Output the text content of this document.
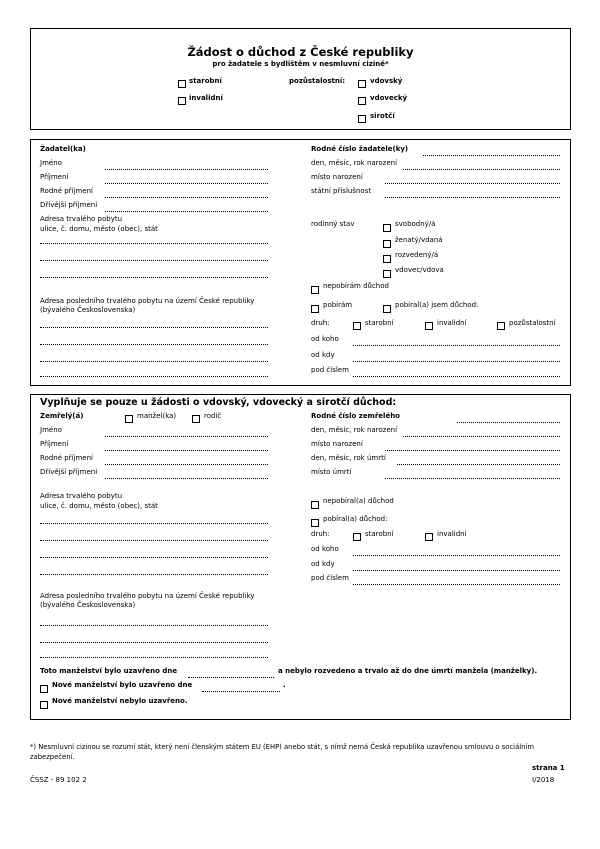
Žádost o důchod z České republiky
pro žadatele s bydlištěm v nesmluvní cizině*
starobní
invalidní
pozůstalostní:	vdovský
vdovecký
sirotčí
Žadatel(ka)
Jméno
Příjmení
Rodné příjmení
Dřívější příjmení
Adresa trvalého pobytu
ulice, č. domu, město (obec), stát
Adresa posledního trvalého pobytu na území České republiky
(bývalého Československa)
Rodné číslo žadatele(ky)
den, měsíc, rok narození
místo narození
státní příslušnost
rodinný stav	svobodný/á
ženatý/vdaná
rozvedený/á
vdovec/vdova
nepobírám důchod
pobírám	pobíral(a) jsem důchod:
druh:	starobní	invalidní	pozůstalostní
od koho
od kdy
pod číslem
Vyplňuje se pouze u žádosti o vdovský, vdovecký a sirotčí důchod:
Zemřelý(á)	manžel(ka)	rodič
Jméno
Příjmení
Rodné příjmení
Dřívější příjmení
Adresa trvalého pobytu
ulice, č. domu, město (obec), stát
Adresa posledního trvalého pobytu na území České republiky
(bývalého Československa)
Rodné číslo zemřelého
den, měsíc, rok narození
místo narození
den, měsíc, rok úmrtí
místo úmrtí
nepobíral(a) důchod
pobíral(a) důchod:
druh:	starobní	invalidní
od koho
od kdy
pod číslem
Toto manželství bylo uzavřeno dne	a nebylo rozvedeno a trvalo až do dne úmrtí manžela (manželky).
Nové manželství bylo uzavřeno dne	.
Nové manželství nebylo uzavřeno.
*) Nesmluvní cizinou se rozumí stát, který není členským státem EU (EHP) anebo stát, s nímž nemá Česká republika uzavřenou smlouvu o sociálním zabezpečení.
strana 1
ČSSZ - 89 102 2	I/2018
